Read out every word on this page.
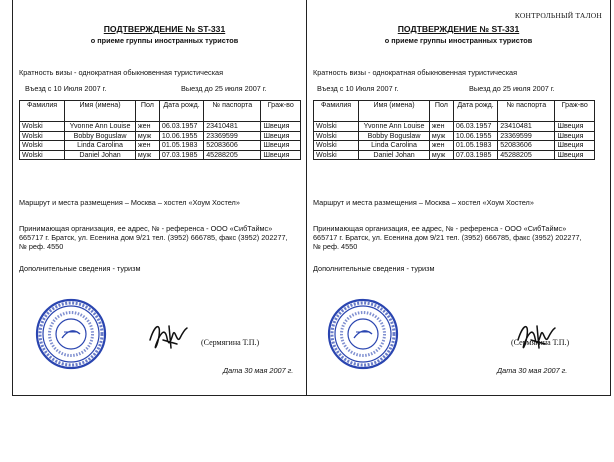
ПОДТВЕРЖДЕНИЕ № ST-331
о приеме группы иностранных туристов
Кратность визы - однократная обыкновенная туристическая
Въезд с 10 Июля 2007 г.	Выезд до 25 июля 2007 г.
Фамилия	Имя (имена)	Пол	Дата рожд.	№ паспорта	Граж-во
Wolski	Yvonne Ann Louise	жен	06.03.1957	23410481	Швеция
Wolski	Bobby Boguslaw	муж	10.06.1955	23369599	Швеция
Wolski	Linda Carolina	жен	01.05.1983	52083606	Швеция
Wolski	Daniel Johan	муж	07.03.1985	45288205	Швеция
Маршрут и места размещения – Москва – хостел «Хоум Хостел»
Принимающая организация, ее адрес, № - референса - ООО «СибТаймс»
665717 г. Братск, ул. Есенина дом 9/21 тел. (3952) 666785, факс (3952) 202277,
№ реф. 4550
Дополнительные сведения - туризм
(Сермягина Т.П.)
Дата 30 мая 2007 г.
КОНТРОЛЬНЫЙ ТАЛОН
ПОДТВЕРЖДЕНИЕ № ST-331
о приеме группы иностранных туристов
Кратность визы - однократная обыкновенная туристическая
Въезд с 10 Июля 2007 г.	Выезд до 25 июля 2007 г.
Фамилия	Имя (имена)	Пол	Дата рожд.	№ паспорта	Граж-во
Wolski	Yvonne Ann Louise	жен	06.03.1957	23410481	Швеция
Wolski	Bobby Boguslaw	муж	10.06.1955	23369599	Швеция
Wolski	Linda Carolina	жен	01.05.1983	52083606	Швеция
Wolski	Daniel Johan	муж	07.03.1985	45288205	Швеция
Маршрут и места размещения – Москва – хостел «Хоум Хостел»
Принимающая организация, ее адрес, № - референса - ООО «СибТаймс»
665717 г. Братск, ул. Есенина дом 9/21 тел. (3952) 666785, факс (3952) 202277,
№ реф. 4550
Дополнительные сведения - туризм
(Сермягина Т.П.)
Дата 30 мая 2007 г.
